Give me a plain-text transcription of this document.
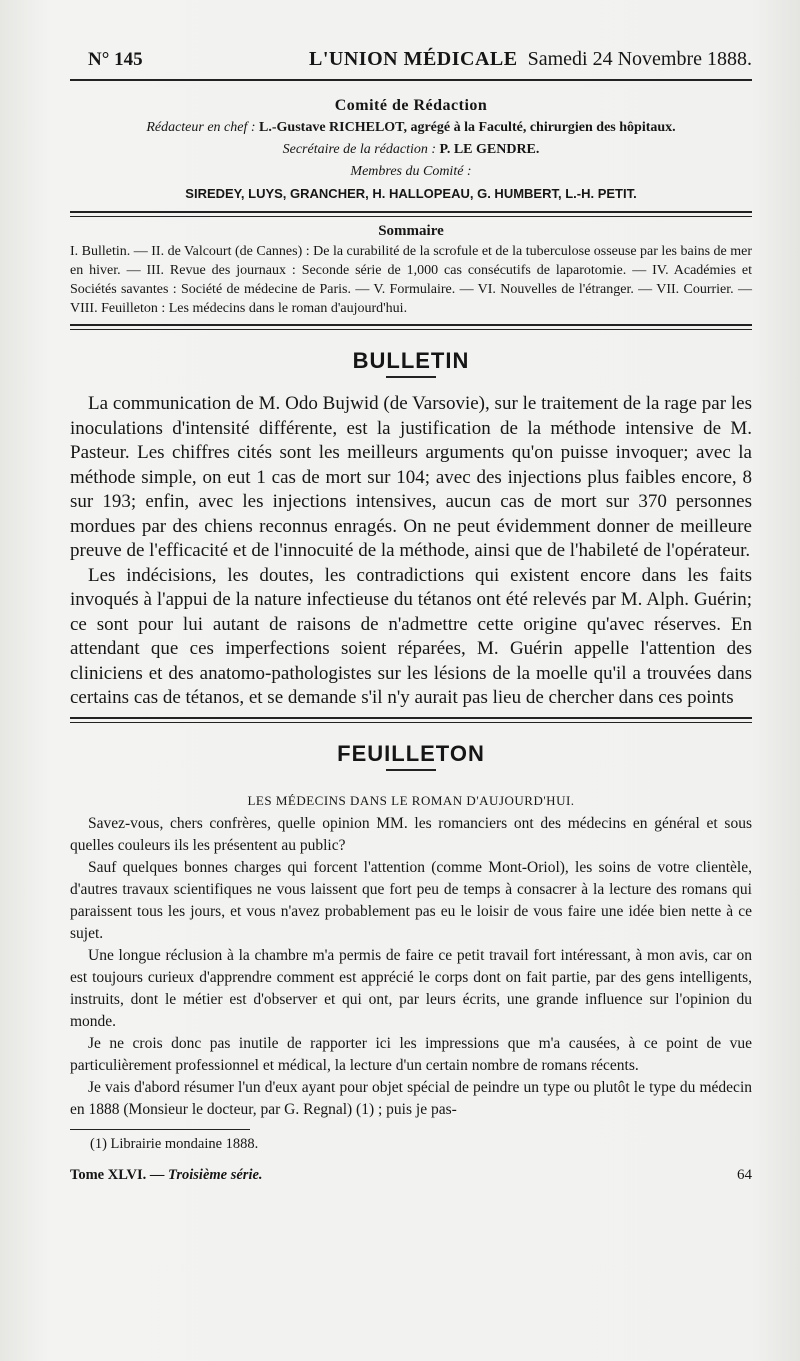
N° 145	L'UNION MÉDICALE Samedi 24 Novembre 1888.
Comité de Rédaction
Rédacteur en chef : L.-Gustave RICHELOT, agrégé à la Faculté, chirurgien des hôpitaux.
Secrétaire de la rédaction : P. LE GENDRE.
Membres du Comité :
SIREDEY, LUYS, GRANCHER, H. HALLOPEAU, G. HUMBERT, L.-H. PETIT.
Sommaire
I. Bulletin. — II. de Valcourt (de Cannes) : De la curabilité de la scrofule et de la tuberculose osseuse par les bains de mer en hiver. — III. Revue des journaux : Seconde série de 1,000 cas consécutifs de laparotomie. — IV. Académies et Sociétés savantes : Société de médecine de Paris. — V. Formulaire. — VI. Nouvelles de l'étranger. — VII. Courrier. — VIII. Feuilleton : Les médecins dans le roman d'aujourd'hui.
BULLETIN

La communication de M. Odo Bujwid (de Varsovie), sur le traitement de la rage par les inoculations d'intensité différente, est la justification de la méthode intensive de M. Pasteur. Les chiffres cités sont les meilleurs arguments qu'on puisse invoquer; avec la méthode simple, on eut 1 cas de mort sur 104; avec des injections plus faibles encore, 8 sur 193; enfin, avec les injections intensives, aucun cas de mort sur 370 personnes mordues par des chiens reconnus enragés. On ne peut évidemment donner de meilleure preuve de l'efficacité et de l'innocuité de la méthode, ainsi que de l'habileté de l'opérateur.

Les indécisions, les doutes, les contradictions qui existent encore dans les faits invoqués à l'appui de la nature infectieuse du tétanos ont été relevés par M. Alph. Guérin; ce sont pour lui autant de raisons de n'admettre cette origine qu'avec réserves. En attendant que ces imperfections soient réparées, M. Guérin appelle l'attention des cliniciens et des anatomo-pathologistes sur les lésions de la moelle qu'il a trouvées dans certains cas de tétanos, et se demande s'il n'y aurait pas lieu de chercher dans ces points

FEUILLETON
LES MÉDECINS DANS LE ROMAN D'AUJOURD'HUI.

Savez-vous, chers confrères, quelle opinion MM. les romanciers ont des médecins en général et sous quelles couleurs ils les présentent au public?

Sauf quelques bonnes charges qui forcent l'attention (comme Mont-Oriol), les soins de votre clientèle, d'autres travaux scientifiques ne vous laissent que fort peu de temps à consacrer à la lecture des romans qui paraissent tous les jours, et vous n'avez probablement pas eu le loisir de vous faire une idée bien nette à ce sujet.

Une longue réclusion à la chambre m'a permis de faire ce petit travail fort intéressant, à mon avis, car on est toujours curieux d'apprendre comment est apprécié le corps dont on fait partie, par des gens intelligents, instruits, dont le métier est d'observer et qui ont, par leurs écrits, une grande influence sur l'opinion du monde.

Je ne crois donc pas inutile de rapporter ici les impressions que m'a causées, à ce point de vue particulièrement professionnel et médical, la lecture d'un certain nombre de romans récents.

Je vais d'abord résumer l'un d'eux ayant pour objet spécial de peindre un type ou plutôt le type du médecin en 1888 (Monsieur le docteur, par G. Regnal) (1) ; puis je pas-

(1) Librairie mondaine 1888.
Tome XLVI. — Troisième série.	64
